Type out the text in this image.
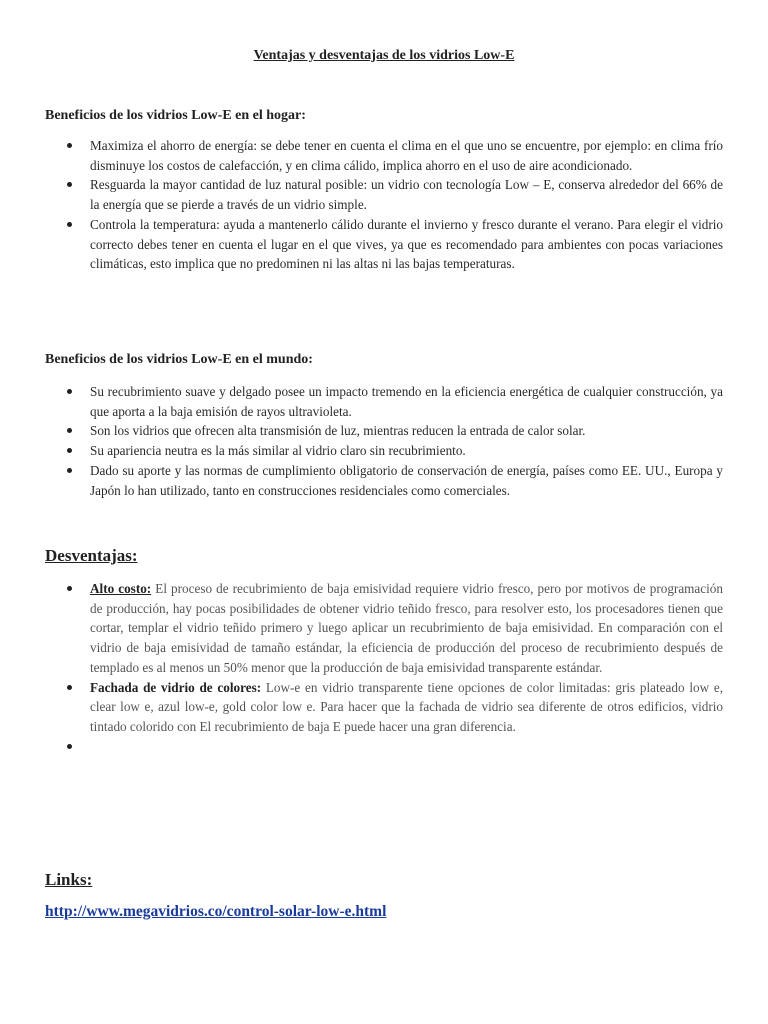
Ventajas y desventajas de los vidrios Low-E
Beneficios de los vidrios Low-E en el hogar:
Maximiza el ahorro de energía: se debe tener en cuenta el clima en el que uno se encuentre, por ejemplo: en clima frío disminuye los costos de calefacción, y en clima cálido, implica ahorro en el uso de aire acondicionado.
Resguarda la mayor cantidad de luz natural posible: un vidrio con tecnología Low – E, conserva alrededor del 66% de la energía que se pierde a través de un vidrio simple.
Controla la temperatura: ayuda a mantenerlo cálido durante el invierno y fresco durante el verano. Para elegir el vidrio correcto debes tener en cuenta el lugar en el que vives, ya que es recomendado para ambientes con pocas variaciones climáticas, esto implica que no predominen ni las altas ni las bajas temperaturas.
Beneficios de los vidrios Low-E en el mundo:
Su recubrimiento suave y delgado posee un impacto tremendo en la eficiencia energética de cualquier construcción, ya que aporta a la baja emisión de rayos ultravioleta.
Son los vidrios que ofrecen alta transmisión de luz, mientras reducen la entrada de calor solar.
Su apariencia neutra es la más similar al vidrio claro sin recubrimiento.
Dado su aporte y las normas de cumplimiento obligatorio de conservación de energía, países como EE. UU., Europa y Japón lo han utilizado, tanto en construcciones residenciales como comerciales.
Desventajas:
Alto costo: El proceso de recubrimiento de baja emisividad requiere vidrio fresco, pero por motivos de programación de producción, hay pocas posibilidades de obtener vidrio teñido fresco, para resolver esto, los procesadores tienen que cortar, templar el vidrio teñido primero y luego aplicar un recubrimiento de baja emisividad. En comparación con el vidrio de baja emisividad de tamaño estándar, la eficiencia de producción del proceso de recubrimiento después de templado es al menos un 50% menor que la producción de baja emisividad transparente estándar.
Fachada de vidrio de colores: Low-e en vidrio transparente tiene opciones de color limitadas: gris plateado low e, clear low e, azul low-e, gold color low e. Para hacer que la fachada de vidrio sea diferente de otros edificios, vidrio tintado colorido con El recubrimiento de baja E puede hacer una gran diferencia.
Links:
http://www.megavidrios.co/control-solar-low-e.html
